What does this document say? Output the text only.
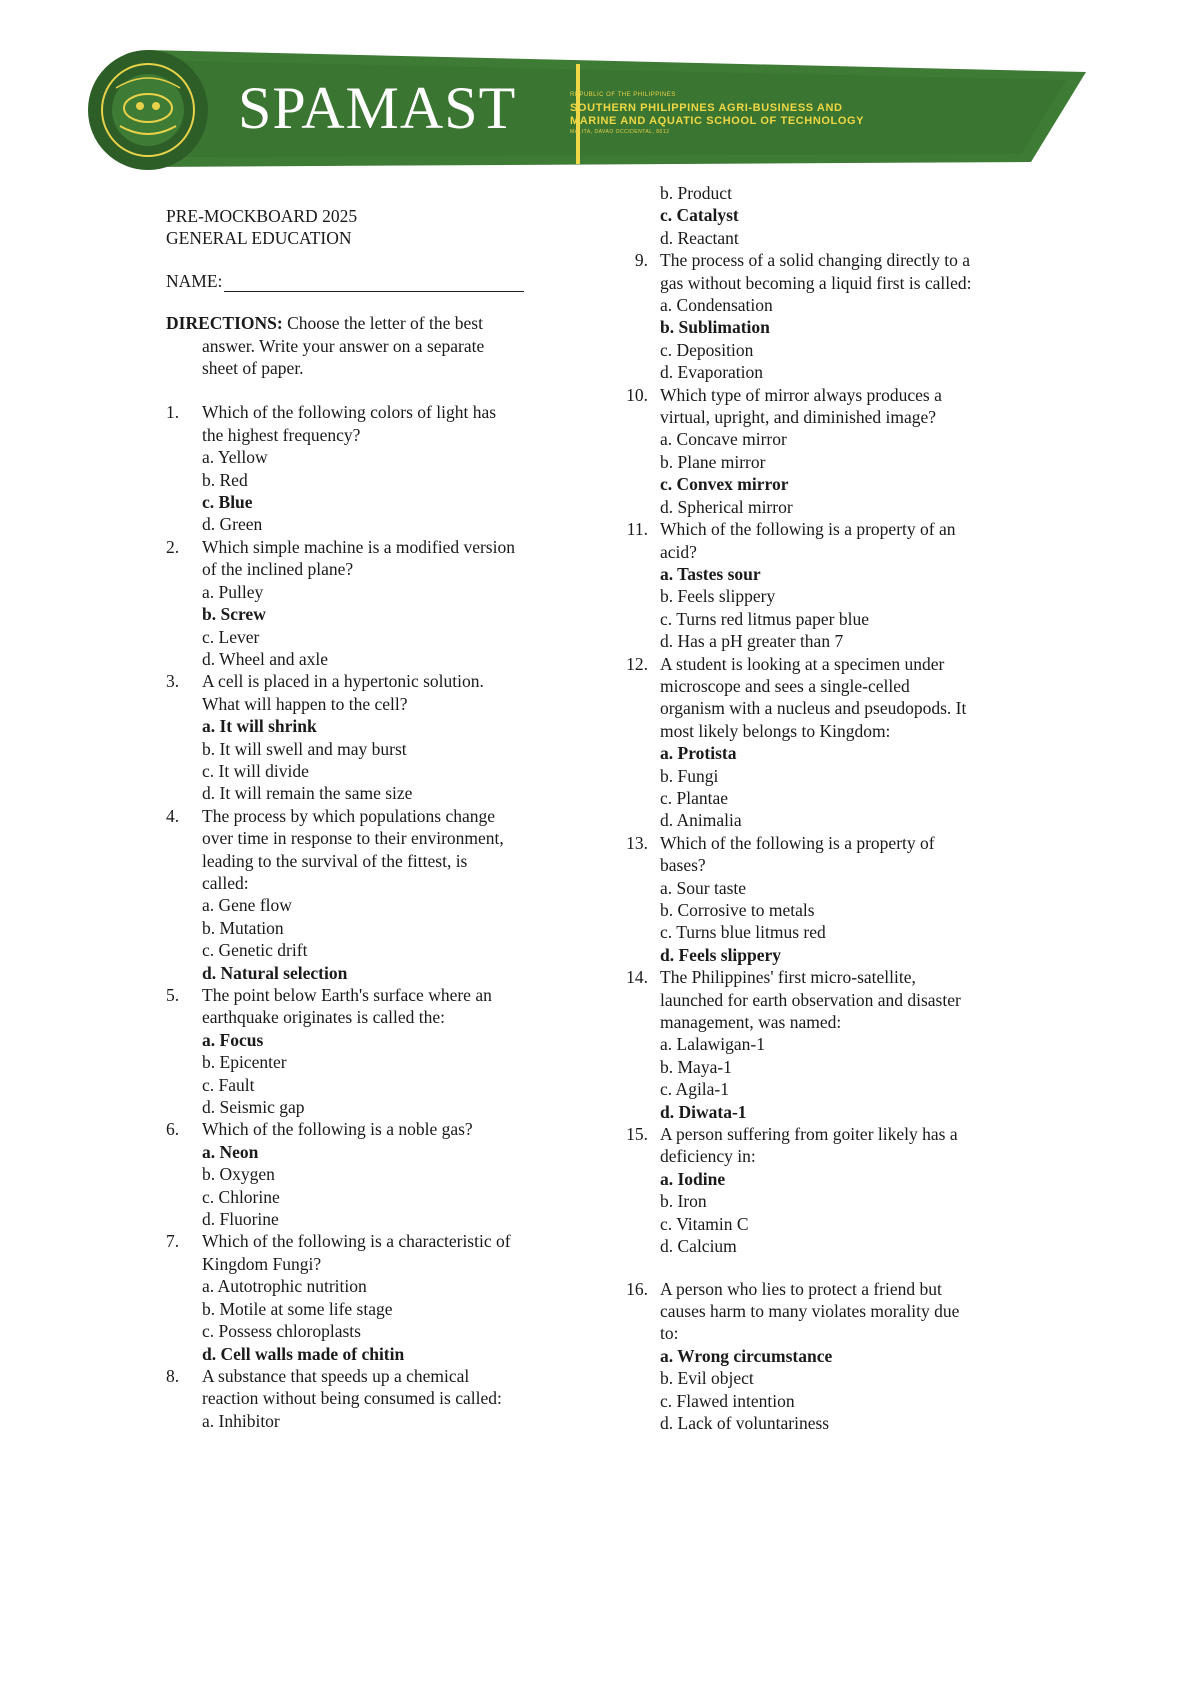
SPAMAST	REPUBLIC OF THE PHILIPPINES
SOUTHERN PHILIPPINES AGRI-BUSINESS AND
MARINE AND AQUATIC SCHOOL OF TECHNOLOGY
MALITA, DAVAO OCCIDENTAL, 8012
PRE-MOCKBOARD 2025
GENERAL EDUCATION
NAME:
DIRECTIONS: Choose the letter of the best
answer. Write your answer on a separate
sheet of paper.
1.	Which of the following colors of light has
the highest frequency?
a. Yellow
b. Red
c. Blue
d. Green
2.	Which simple machine is a modified version
of the inclined plane?
a. Pulley
b. Screw
c. Lever
d. Wheel and axle
3.	A cell is placed in a hypertonic solution.
What will happen to the cell?
a. It will shrink
b. It will swell and may burst
c. It will divide
d. It will remain the same size
4.	The process by which populations change
over time in response to their environment,
leading to the survival of the fittest, is
called:
a. Gene flow
b. Mutation
c. Genetic drift
d. Natural selection
5.	The point below Earth's surface where an
earthquake originates is called the:
a. Focus
b. Epicenter
c. Fault
d. Seismic gap
6.	Which of the following is a noble gas?
a. Neon
b. Oxygen
c. Chlorine
d. Fluorine
7.	Which of the following is a characteristic of
Kingdom Fungi?
a. Autotrophic nutrition
b. Motile at some life stage
c. Possess chloroplasts
d. Cell walls made of chitin
8.	A substance that speeds up a chemical
reaction without being consumed is called:
a. Inhibitor
b. Product
c. Catalyst
d. Reactant
9. The process of a solid changing directly to a
gas without becoming a liquid first is called:
a. Condensation
b. Sublimation
c. Deposition
d. Evaporation
10. Which type of mirror always produces a
virtual, upright, and diminished image?
a. Concave mirror
b. Plane mirror
c. Convex mirror
d. Spherical mirror
11. Which of the following is a property of an
acid?
a. Tastes sour
b. Feels slippery
c. Turns red litmus paper blue
d. Has a pH greater than 7
12. A student is looking at a specimen under
microscope and sees a single-celled
organism with a nucleus and pseudopods. It
most likely belongs to Kingdom:
a. Protista
b. Fungi
c. Plantae
d. Animalia
13. Which of the following is a property of
bases?
a. Sour taste
b. Corrosive to metals
c. Turns blue litmus red
d. Feels slippery
14. The Philippines' first micro-satellite,
launched for earth observation and disaster
management, was named:
a. Lalawigan-1
b. Maya-1
c. Agila-1
d. Diwata-1
15. A person suffering from goiter likely has a
deficiency in:
a. Iodine
b. Iron
c. Vitamin C
d. Calcium
16. A person who lies to protect a friend but
causes harm to many violates morality due
to:
a. Wrong circumstance
b. Evil object
c. Flawed intention
d. Lack of voluntariness
